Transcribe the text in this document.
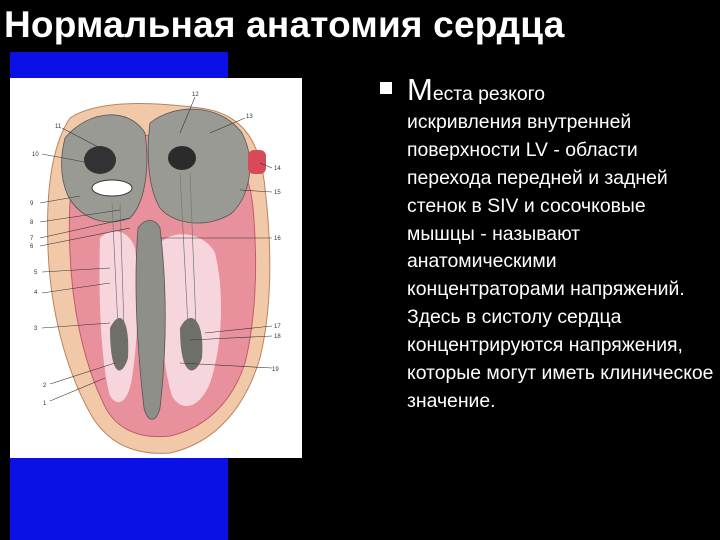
Нормальная анатомия сердца
1
2
3
4
5
6
7
8
9
10
11
12
13
14
15
16
17
18
19
Места резкого
искривления внутренней поверхности LV - области перехода передней и задней стенок в SIV и сосочковые мышцы - называют анатомическими концентраторами напряжений. Здесь в систолу сердца концентрируются напряжения, которые могут иметь клиническое значение.
